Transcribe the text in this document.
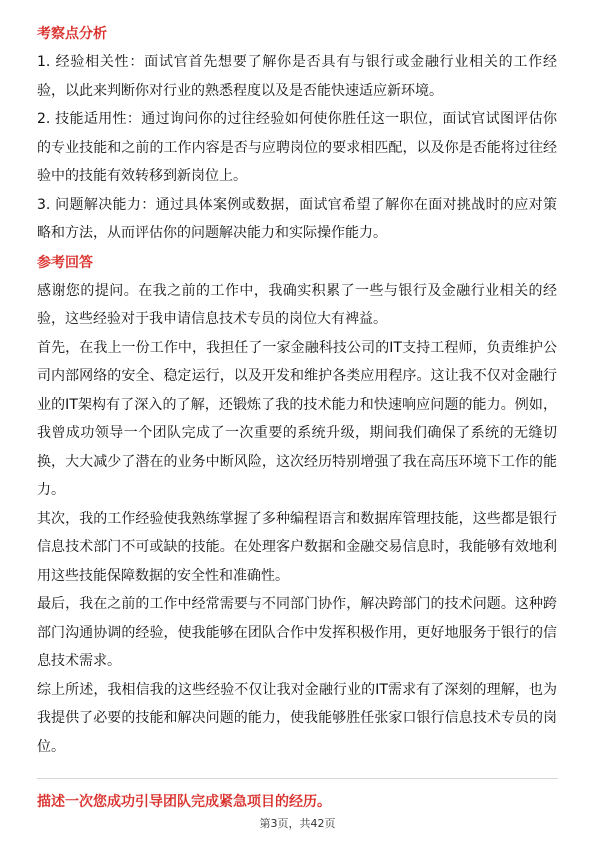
考察点分析

1. 经验相关性：面试官首先想要了解你是否具有与银行或金融行业相关的工作经验，以此来判断你对行业的熟悉程度以及是否能快速适应新环境。

2. 技能适用性：通过询问你的过往经验如何使你胜任这一职位，面试官试图评估你的专业技能和之前的工作内容是否与应聘岗位的要求相匹配，以及你是否能将过往经验中的技能有效转移到新岗位上。

3. 问题解决能力：通过具体案例或数据，面试官希望了解你在面对挑战时的应对策略和方法，从而评估你的问题解决能力和实际操作能力。

参考回答

感谢您的提问。在我之前的工作中，我确实积累了一些与银行及金融行业相关的经验，这些经验对于我申请信息技术专员的岗位大有裨益。

首先，在我上一份工作中，我担任了一家金融科技公司的IT支持工程师，负责维护公司内部网络的安全、稳定运行，以及开发和维护各类应用程序。这让我不仅对金融行业的IT架构有了深入的了解，还锻炼了我的技术能力和快速响应问题的能力。例如，我曾成功领导一个团队完成了一次重要的系统升级，期间我们确保了系统的无缝切换，大大减少了潜在的业务中断风险，这次经历特别增强了我在高压环境下工作的能力。

其次，我的工作经验使我熟练掌握了多种编程语言和数据库管理技能，这些都是银行信息技术部门不可或缺的技能。在处理客户数据和金融交易信息时，我能够有效地利用这些技能保障数据的安全性和准确性。

最后，我在之前的工作中经常需要与不同部门协作，解决跨部门的技术问题。这种跨部门沟通协调的经验，使我能够在团队合作中发挥积极作用，更好地服务于银行的信息技术需求。

综上所述，我相信我的这些经验不仅让我对金融行业的IT需求有了深刻的理解，也为我提供了必要的技能和解决问题的能力，使我能够胜任张家口银行信息技术专员的岗位。

描述一次您成功引导团队完成紧急项目的经历。
第3页，共42页
